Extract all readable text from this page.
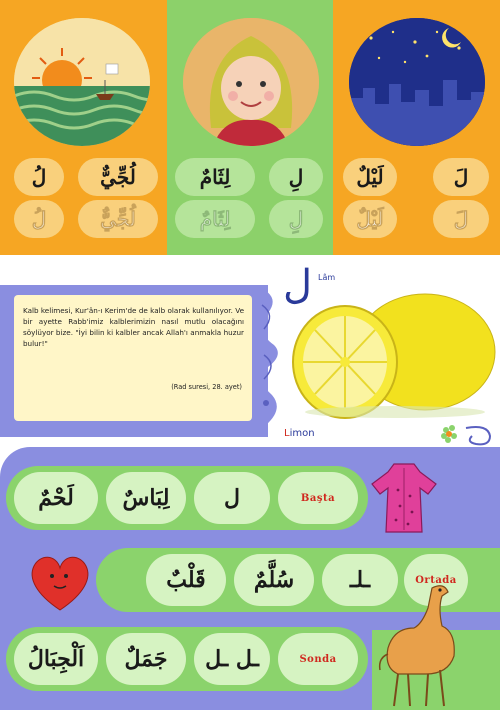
لُ	لُجِّيٌّ
لُ	لُجِّيٌّ
لِثَامٌ	لِ
لِثَامٌ	لِ
لَيْلٌ	لَ
لَيْلٌ	لَ

Kalb kelimesi, Kur'ân-ı Kerim'de de kalb olarak kullanılıyor. Ve bir ayette Rabb'imiz kalblerimizin nasıl mutlu olacağını söylüyor bize. "İyi bilin ki kalbler ancak Allah'ı anmakla huzur bulur!"

(Rad suresi, 28. ayet)
ل Lâm
Limon
لَحْمٌ	لِبَاسٌ	ل	Başta
قَلْبٌ	سُلَّمٌ	ـلـ	Ortada
اَلْجِبَالُ	جَمَلٌ	ـل ـل	Sonda
